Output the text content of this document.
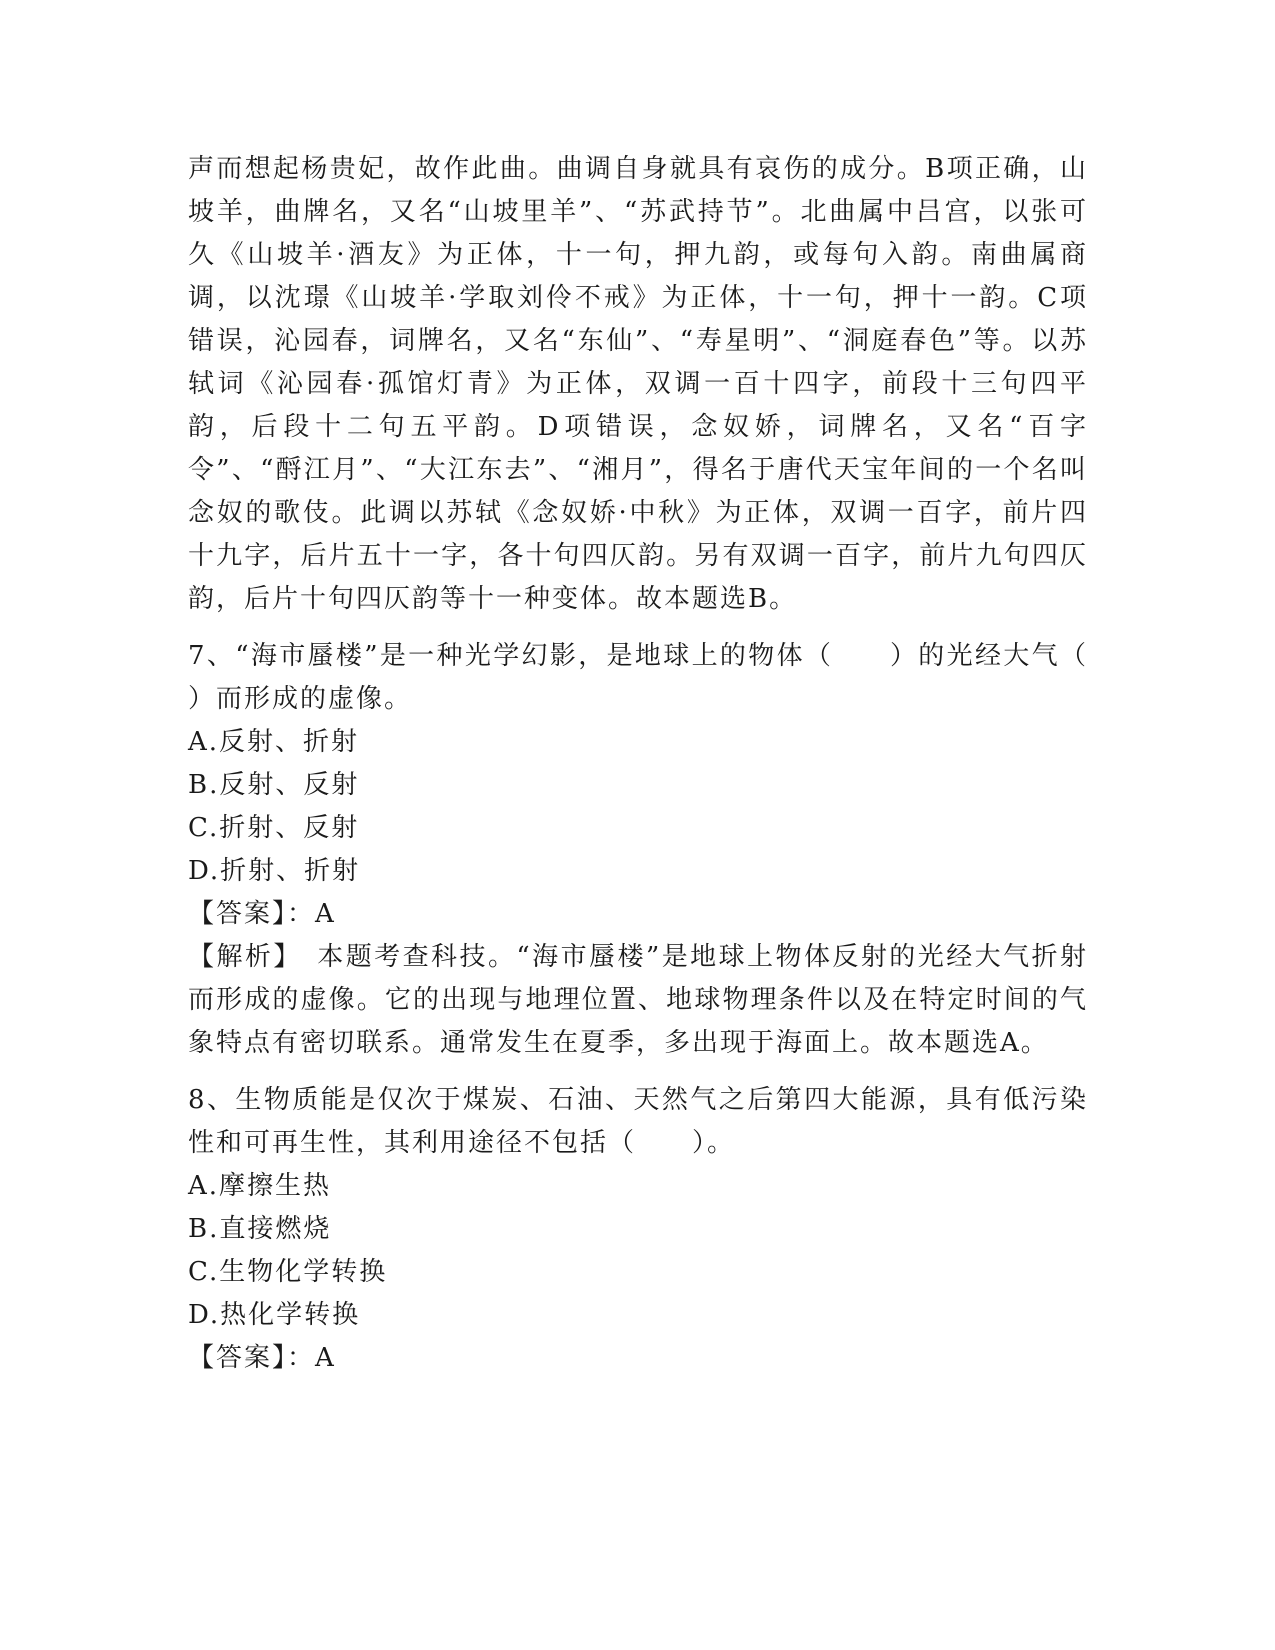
声而想起杨贵妃，故作此曲。曲调自身就具有哀伤的成分。B项正确，山坡羊，曲牌名，又名“山坡里羊”、“苏武持节”。北曲属中吕宫，以张可久《山坡羊·酒友》为正体，十一句，押九韵，或每句入韵。南曲属商调，以沈璟《山坡羊·学取刘伶不戒》为正体，十一句，押十一韵。C项错误，沁园春，词牌名，又名“东仙”、“寿星明”、“洞庭春色”等。以苏轼词《沁园春·孤馆灯青》为正体，双调一百十四字，前段十三句四平韵，后段十二句五平韵。D项错误，念奴娇，词牌名，又名“百字令”、“酹江月”、“大江东去”、“湘月”，得名于唐代天宝年间的一个名叫念奴的歌伎。此调以苏轼《念奴娇·中秋》为正体，双调一百字，前片四十九字，后片五十一字，各十句四仄韵。另有双调一百字，前片九句四仄韵，后片十句四仄韵等十一种变体。故本题选B。

7、“海市蜃楼”是一种光学幻影，是地球上的物体（　　）的光经大气（　　）而形成的虚像。

A.反射、折射

B.反射、反射

C.折射、反射

D.折射、折射

【答案】：A

【解析】　本题考查科技。“海市蜃楼”是地球上物体反射的光经大气折射而形成的虚像。它的出现与地理位置、地球物理条件以及在特定时间的气象特点有密切联系。通常发生在夏季，多出现于海面上。故本题选A。

8、生物质能是仅次于煤炭、石油、天然气之后第四大能源，具有低污染性和可再生性，其利用途径不包括（　　）。

A.摩擦生热

B.直接燃烧

C.生物化学转换

D.热化学转换

【答案】：A
